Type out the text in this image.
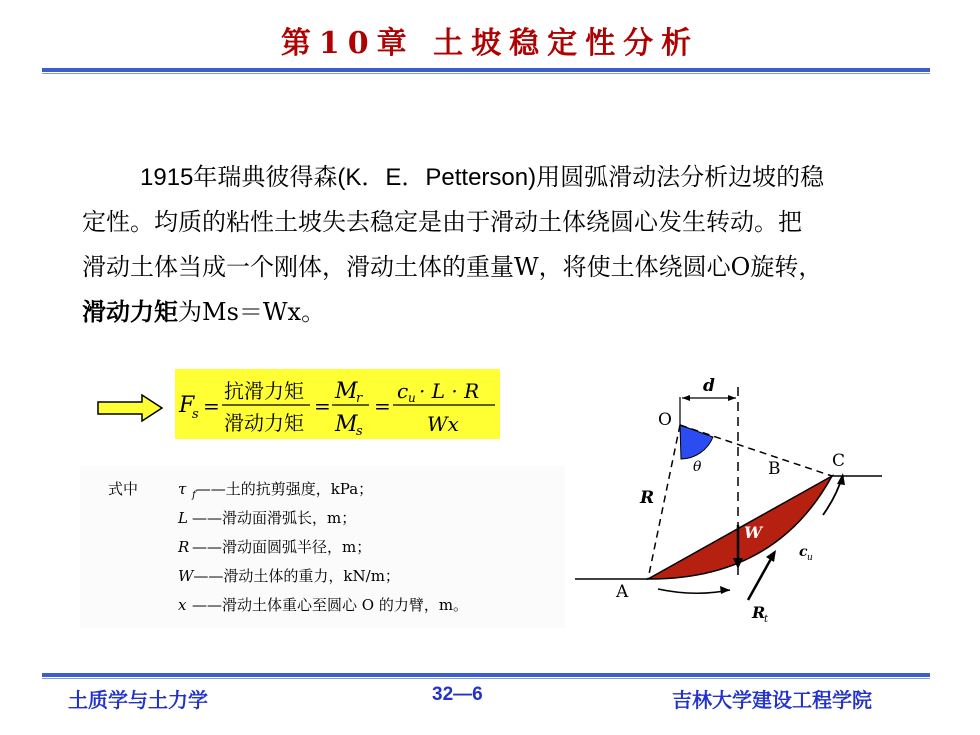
第10章 土坡稳定性分析
1915年瑞典彼得森(K．E．Petterson)用圆弧滑动法分析边坡的稳
定性。均质的粘性土坡失去稳定是由于滑动土体绕圆心发生转动。把
滑动土体当成一个刚体，滑动土体的重量W，将使土体绕圆心O旋转，
滑动力矩为Ms＝Wx。
F
s =
抗滑力矩
滑动力矩
=
M
r
M
s
=
c u · L · R
Wx
式中	τ $_f$——土的抗剪强度，kPa；
L ——滑动面滑弧长，m；
R ——滑动面圆弧半径，m；
W——滑动土体的重力，kN/m；
x ——滑动土体重心至圆心 O 的力臂，m。
O
d
θ	B	C
R
W
c u
A
R
t
土质学与土力学	32—6	吉林大学建设工程学院
